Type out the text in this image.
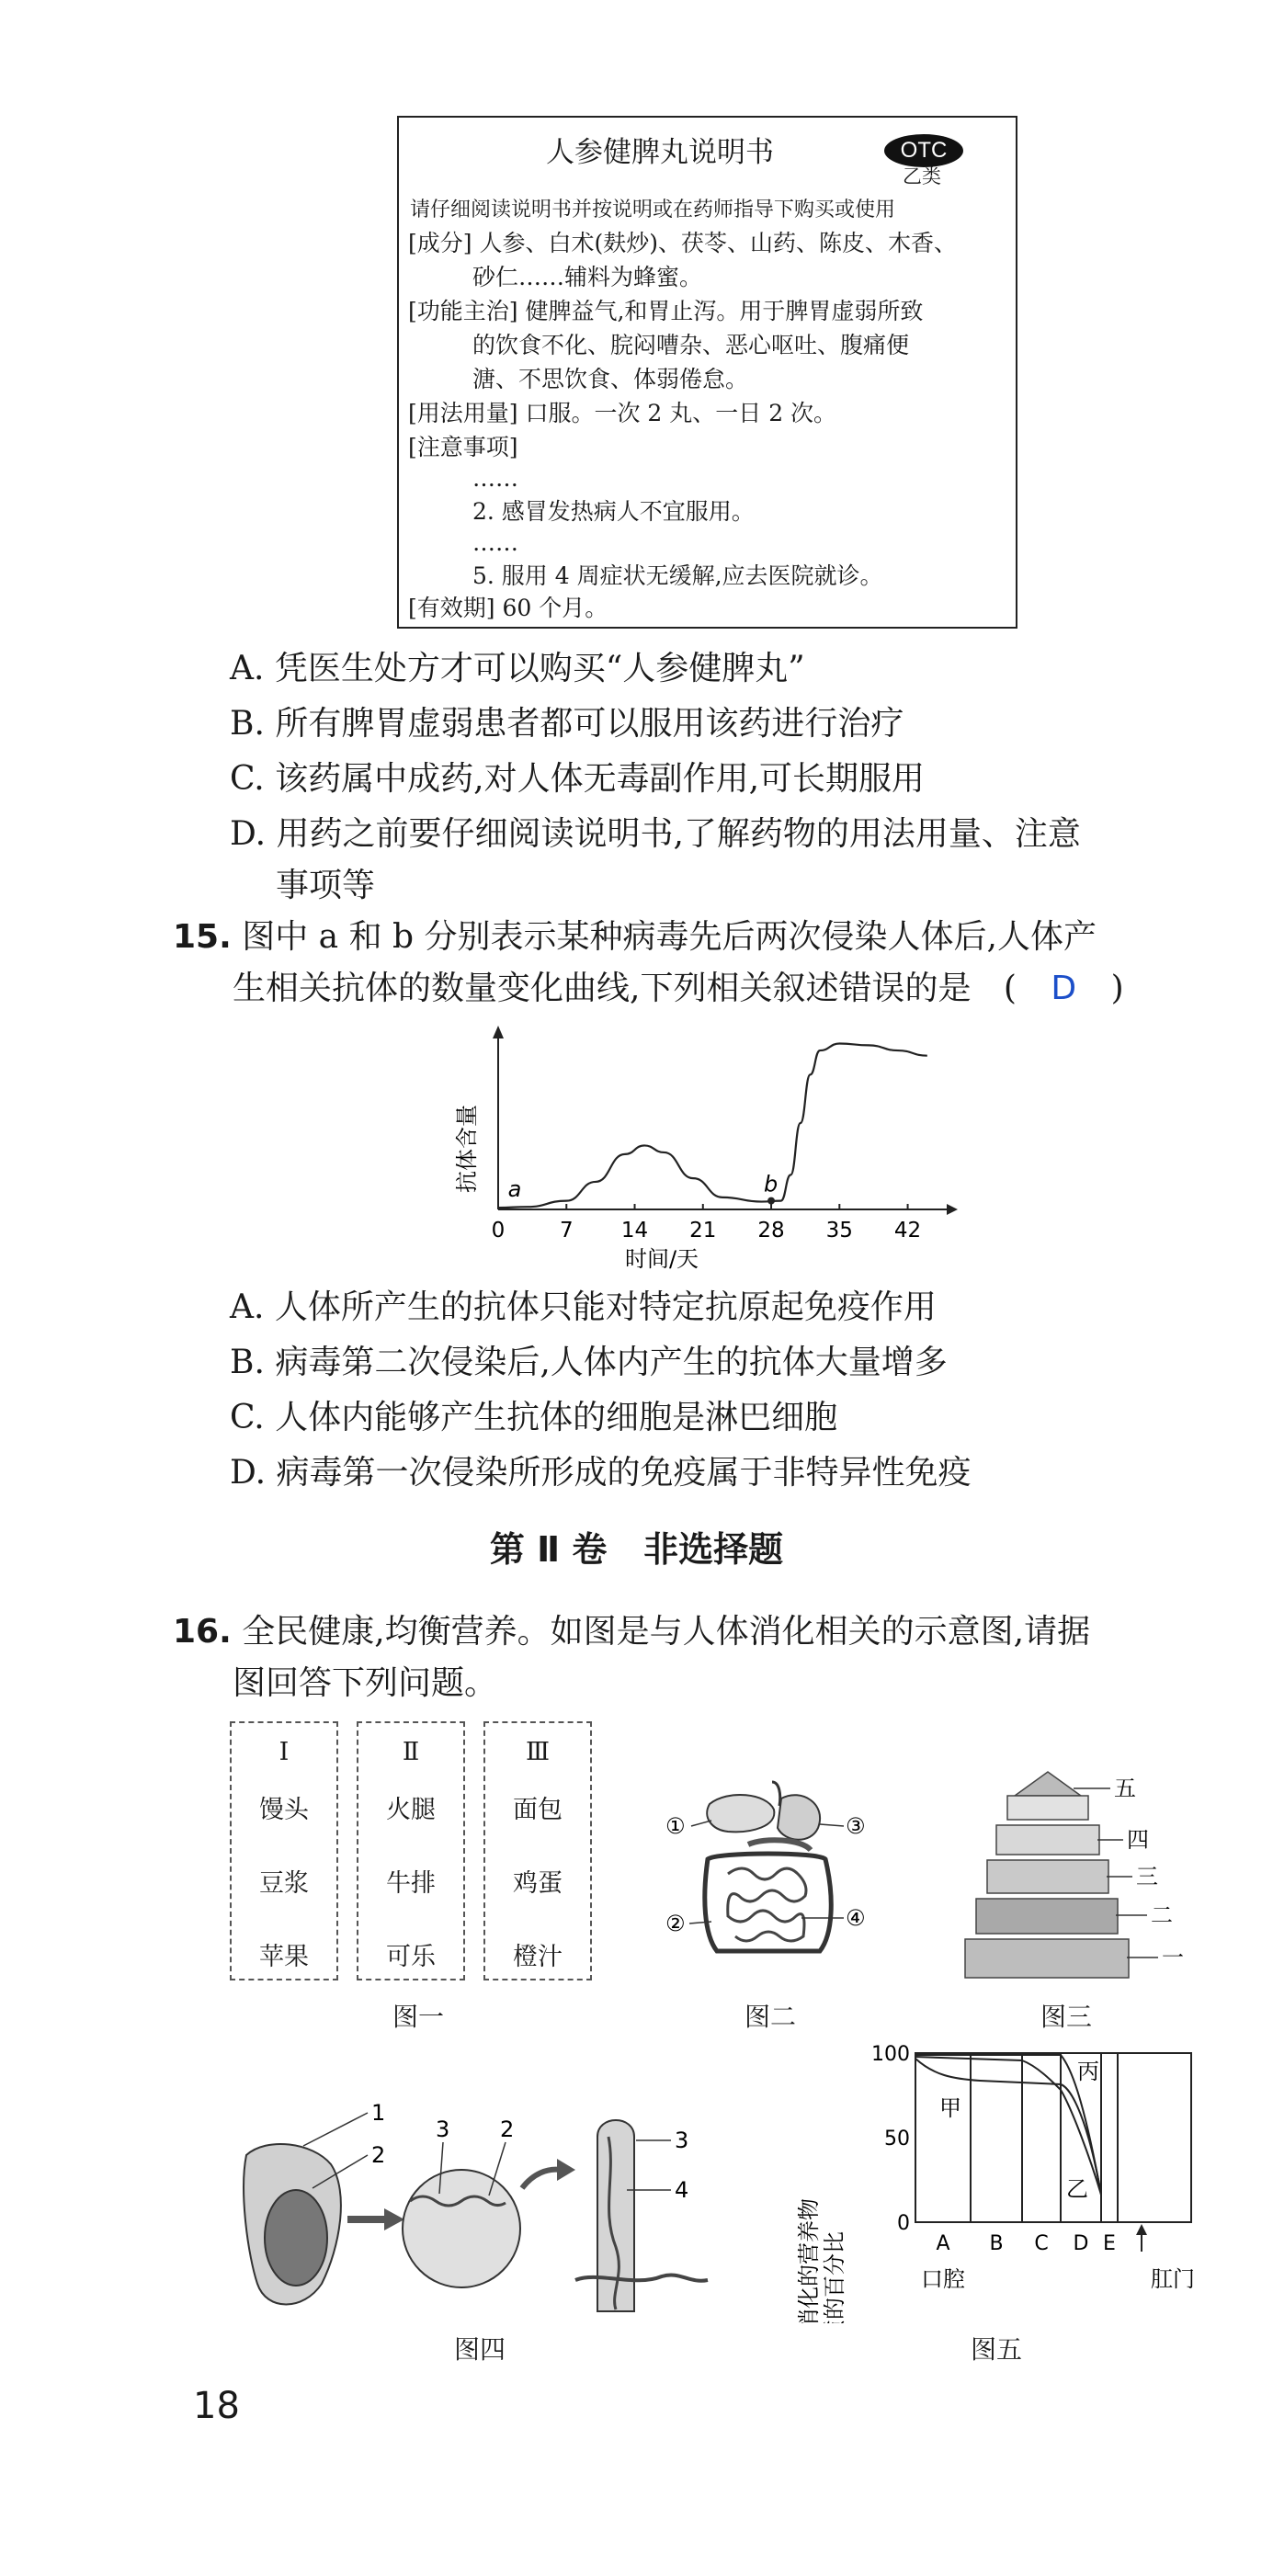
人参健脾丸说明书	OTC
乙类
请仔细阅读说明书并按说明或在药师指导下购买或使用
[成分] 人参、白术(麸炒)、茯苓、山药、陈皮、木香、
砂仁……辅料为蜂蜜。
[功能主治] 健脾益气,和胃止泻。用于脾胃虚弱所致
的饮食不化、脘闷嘈杂、恶心呕吐、腹痛便
溏、不思饮食、体弱倦怠。
[用法用量] 口服。一次 2 丸、一日 2 次。
[注意事项]
……
2. 感冒发热病人不宜服用。
……
5. 服用 4 周症状无缓解,应去医院就诊。
[有效期] 60 个月。
A. 凭医生处方才可以购买“人参健脾丸”
B. 所有脾胃虚弱患者都可以服用该药进行治疗
C. 该药属中成药,对人体无毒副作用,可长期服用
D. 用药之前要仔细阅读说明书,了解药物的用法用量、注意
事项等
15. 图中 a 和 b 分别表示某种病毒先后两次侵染人体后,人体产
生相关抗体的数量变化曲线,下列相关叙述错误的是 ( D )
0	7 14 21 28 35 42
a	b
抗体含量
时间/天
A. 人体所产生的抗体只能对特定抗原起免疫作用
B. 病毒第二次侵染后,人体内产生的抗体大量增多
C. 人体内能够产生抗体的细胞是淋巴细胞
D. 病毒第一次侵染所形成的免疫属于非特异性免疫
第 Ⅱ 卷   非选择题
16. 全民健康,均衡营养。如图是与人体消化相关的示意图,请据
图回答下列问题。
Ⅰ
馒头
豆浆
苹果
Ⅱ
火腿
牛排
可乐
Ⅲ
面包
鸡蛋
橙汁
图一
①	③
②	④
图二
五
四
三
二
一
图三
1
2
3 2	3
4
图四	未被消化的营养物 质的百分比
100
50
0
甲
乙
丙
A B C D E
口腔	肛门
图五
18
